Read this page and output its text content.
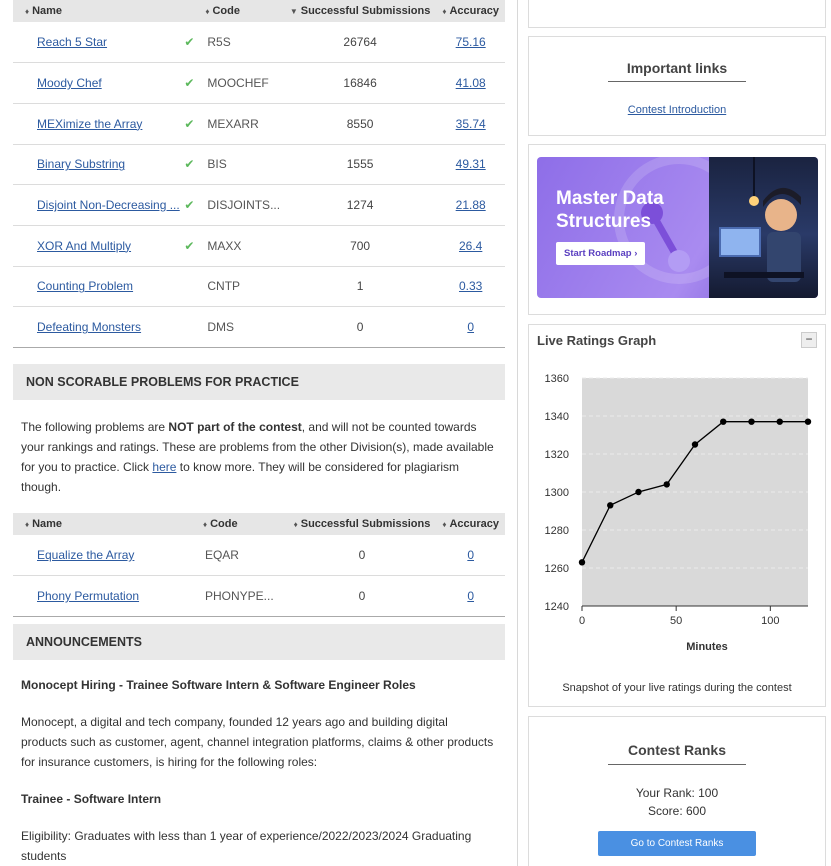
♦ Name		♦ Code	▼ Successful Submissions	♦ Accuracy
Reach 5 Star	✔	R5S	26764	75.16
Moody Chef	✔	MOOCHEF	16846	41.08
MEXimize the Array	✔	MEXARR	8550	35.74
Binary Substring	✔	BIS	1555	49.31
Disjoint Non-Decreasing ...	✔	DISJOINTS...	1274	21.88
XOR And Multiply	✔	MAXX	700	26.4
Counting Problem		CNTP	1	0.33
Defeating Monsters		DMS	0	0
NON SCORABLE PROBLEMS FOR PRACTICE
The following problems are NOT part of the contest, and will not be counted towards your rankings and ratings. These are problems from the other Division(s), made available for you to practice. Click here to know more. They will be considered for plagiarism though.
♦ Name		♦ Code	♦ Successful Submissions	♦ Accuracy
Equalize the Array		EQAR	0	0
Phony Permutation		PHONYPE...	0	0
ANNOUNCEMENTS
Monocept Hiring - Trainee Software Intern & Software Engineer Roles
Monocept, a digital and tech company, founded 12 years ago and building digital products such as customer, agent, channel integration platforms, claims & other products for insurance customers, is hiring for the following roles:
Trainee - Software Intern
Eligibility: Graduates with less than 1 year of experience/2022/2023/2024 Graduating students
Important links
Contest Introduction
Master Data
Structures
Start Roadmap ›
Live Ratings Graph	−
1240
1260
1280
1300
1320
1340
1360
0	50	100
Minutes
Snapshot of your live ratings during the contest
Contest Ranks
Your Rank: 100
Score: 600
Go to Contest Ranks
